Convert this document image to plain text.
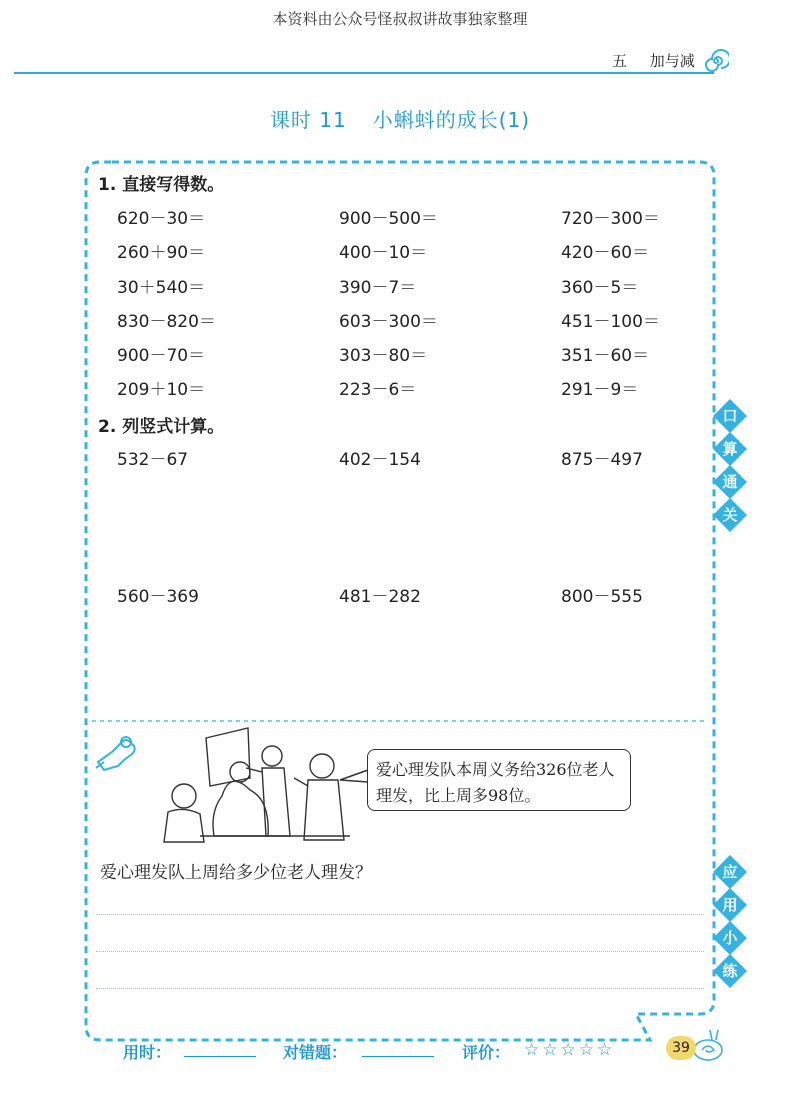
本资料由公众号怪叔叔讲故事独家整理
五 加与减
课时 11 小蝌蚪的成长(1)
1. 直接写得数。
620－30＝	900－500＝	720－300＝
260＋90＝	400－10＝	420－60＝
30＋540＝	390－7＝	360－5＝
830－820＝	603－300＝	451－100＝
900－70＝	303－80＝	351－60＝
209＋10＝	223－6＝	291－9＝
2. 列竖式计算。
532－67	402－154	875－497
560－369	481－282	800－555
口
算
通
关
应
用
小
练
爱心理发队本周义务给326位老人理发，比上周多98位。
爱心理发队上周给多少位老人理发？
用时：	对错题：	评价： ☆☆☆☆☆	39
